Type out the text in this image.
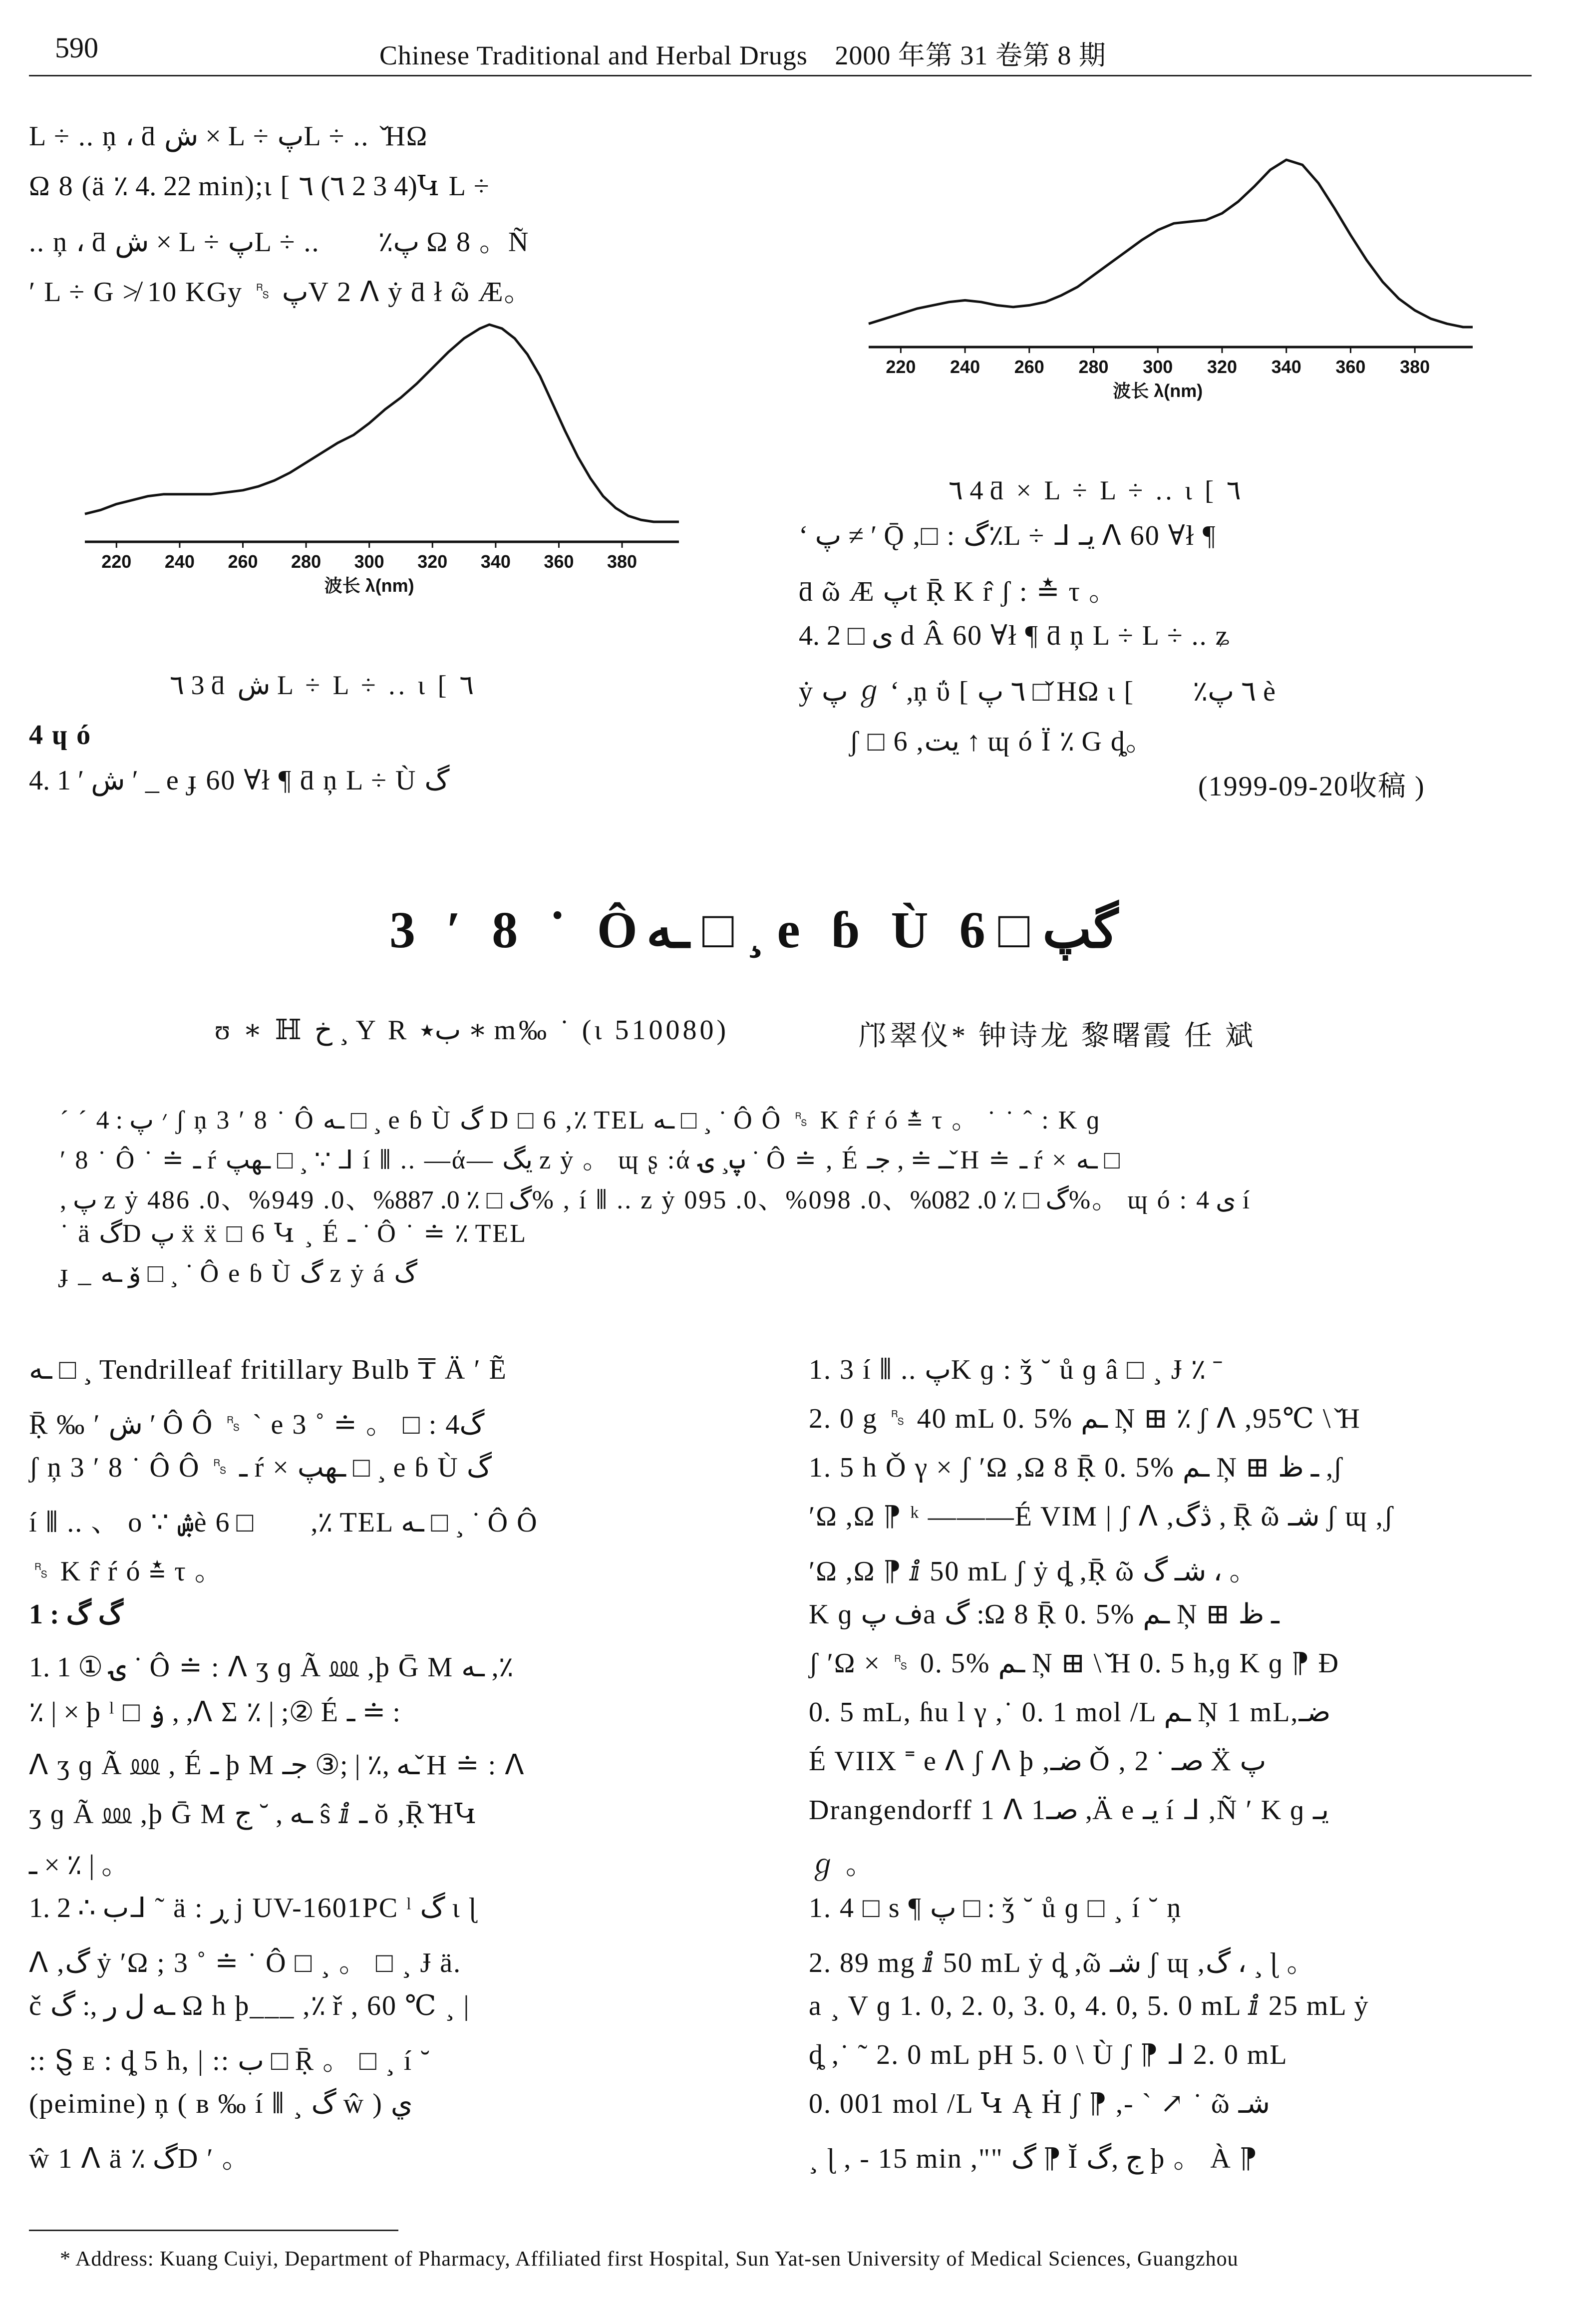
590	Chinese Traditional and Herbal Drugs 2000 年第 31 卷第 8 期
L ÷ .. ņ ، ƌ ش × L ÷ پL ÷ .. ︎ ̌HΩ
Ω 8 (ä ٪ 4. 22 min);ι [ ٦ (٦ 2 3 4)Կ L ÷
.. ņ ، ƌ ش × L ÷ پL ÷ .. پ٪ ۆ۫ Ω 8 。Ñ
′ L ÷ G ≯ 10 KGy ␞ پV 2 ᐱ ẏ ƌ ł ῶ Æ。
220 240 260 280 300 320 340 360 380
波长 λ(nm)
٦ 3 ƌ ش L ÷ L ÷ .. ι [ ٦
4 ɥ ó
4. 1 ′ ش ′ _ e ɟ 60 ∀ł ¶ ƌ ņ L ÷ Ù گ
220 240 260 280 300 320 340 360 380
波长 λ(nm)
٦ 4 ƌ × L ÷ L ÷ .. ι [ ٦
‘ پ ≠ ′ Ǭ ,□ : گ٪L ÷ ᒧ يـ ᐱ 60 ∀ł ¶
ƌ ῶ Æ پt Ṝ K r̂ ʃ : ≛ τ 。
4. 2 □ ى d Â 60 ∀ł ¶ ƌ ņ L ÷ L ÷ .. ʑ
ẏ پ ℊ ‘ ,ņ ΰ [ ٦ پ □ ̌HΩ ι [ ٦ پ٪ ۆ۫ è
ۆ۫ ʃ □ 6 ,يت ↑ ɰ ó Ï ٪ G ȡ。
(1999-09-20收稿 )
3 ′ 8 ˙ Ôـه □ ¸ e ɓ Ù گپ □ 6
ʊ ∗ ℍ خ ¸ Y R ب٭ ∗ m‰ ˙ (ι 510080)	邝翠仪* 钟诗龙 黎曙霞 任 斌
ˊ ˊ ׳ پ : 4 ʃ ņ 3 ′ 8 ˙ Ô ـه □ ¸ e ɓ Ù گ D □ 6 ,٪ TEL ـه □ ¸ ˙ Ô Ô ␞ K r̂ ŕ ó ≛ τ 。 ˙ ˙ ˆ : K ɡ
′ 8 ˙ Ô ˙ ≐ ـ ŕ ـهپ □ ¸ ∵ ᒧ í ⦀ .. —ά— یگ z ẏ 。 ɰ ʂ :ά پ¸ ۍ ˙ Ô ≐ , É ــ ≐ , جـ ̌H ≐ ـ ŕ × ـه □
, پ z ẏ گ □ ٪ 0. 887%、0. 949%、0. 486% , í ⦀ .. z ẏ گ □ ٪ 0. 082%、0. 098%、0. 095%。 ɰ ó : ﯼ 4 í
˙ ä گD پ ẍ ẍ □ 6 Կ ¸ É ـ ˙ Ô ˙ ≐ ٪ TEL
ɟ _ ۆ ـه □ ¸ ˙ Ô e ɓ Ù گ z ẏ á گ
ـه □ ¸ Tendrilleaf fritillary Bulb ₸ Ä ′ Ẽ
Ṝ ‰ ′ ش ′ Ô Ô ␞ ˋ e 3 ˚ ≐ 。 □ : گ4
ʃ ņ 3 ′ 8 ˙ Ô Ô ␞ ـ ŕ × ـهپ □ ¸ e ɓ Ù گ
í ⦀ .. 、 o ∵ ۺè ۆ۫ □ 6 ,٪ TEL ـه □ ¸ ˙ Ô Ô
␞ K r̂ ŕ ó ≛ τ 。
1 : گ گ
1. 1 ① ۍ ˙ Ô ≐ : ᐱ ʒ ɡ Ã ⅏ ,þ Ḡ M ـه ,٪
٪ | × þ ˡ □ ۏ , ,ᐱ Σ ٪ | ;② É ـ ≐ :
ᐱ ʒ ɡ Ã ⅏ , É ـ þ M ـه ,٪ | ;③ جـ ̌H ≐ : ᐱ
ʒ ɡ Ã ⅏ ,þ Ḡ M ـه , ˘ ج ŝ ⅈ ـ ŏ ,Ṝ ̌HԿ
ـ × ٪ | 。
1. 2 ∴ بᒧ ˜ ä : ڕ j UV-1601PC ˡ گ ι ɭ
ᐱ ,گ ẏ ʹΩ ; 3 ˚ ≐ ˙ Ô □ ¸ 。 □ ¸ Ɉ ä.
č ـه ل ر ,: گ Ω h þ___ ,٪ ř , 60 ℃ ¸ |
:: Ȿ ᴇ : ȡ 5 h, | :: ب □ Ṝ 。 □ ¸ í ˘
(peimine) ņ ( ʙ ‰ í ⦀ ¸ گ ŵ ) ي
ŵ 1 ᐱ ä ٪ گD ʹ 。
1. 3 í ⦀ .. پK ɡ : ǯ ˘ ů ɡ â □ ¸ Ɉ ٪ ˉ
2. 0 g ␞ 40 mL 0. 5% ـم Ņ ⊞ ٪ ʃ ᐱ ,95℃ \ ̌H
1. 5 h Ǒ γ × ʃ ʹΩ ,Ω 8 Ṝ 0. 5% ـم Ņ ⊞ ـ ظ ,ʃ
ʹΩ ,Ω ⁋ ᵏ ———É VIM | ʃ ᐱ ,ڎگ , Ṝ ῶ شـ ʃ ɰ ,ʃ
ʹΩ ,Ω ⁋ ⅈ 50 mL ʃ ẏ ȡ ,Ṝ ῶ شـ گ ، 。
K ɡ ف پa گ :Ω 8 Ṝ 0. 5% ـم Ņ ⊞ ـ ظ
ʃ ʹΩ × ␞ 0. 5% ـم Ņ ⊞ \ ̌H 0. 5 h,ɡ K ɡ ⁋ Ð
0. 5 mL, ɦu l γ ,˙ 0. 1 mol /L ـم Ņ 1 mL,ضـ
É VIIX ˭ e ᐱ ʃ ᐱ þ ,ضـ Ǒ , صـ ˙ 2 Ẍ پ
Drangendorff 1 ᐱ 1صـ ,Ä e يـ í ᒧ ,Ñ ′ K ɡ يـ
ℊ 。
1. 4 □ s ¶ پ □ : ǯ ˘ ů ɡ □ ¸ í ˘ ņ
2. 89 mg ⅈ 50 mL ẏ ȡ ,ῶ شـ ʃ ɰ ,گ ، ¸ ɭ 。
a ¸ V ɡ 1. 0, 2. 0, 3. 0, 4. 0, 5. 0 mL ⅈ 25 mL ẏ
ȡ ,˙ ˜ 2. 0 mL pH 5. 0 \ Ù ʃ ⁋ ᒧ 2. 0 mL
0. 001 mol /L Կ Ą Ḣ ʃ ⁋ ,- ˋ ↗ ˙ ῶ شـ
¸ ɭ , - 15 min ,"" گ ⁋ Ĭ ج ,گ þ 。 À ⁋
* Address: Kuang Cuiyi, Department of Pharmacy, Affiliated first Hospital, Sun Yat-sen University of Medical Sciences, Guangzhou
